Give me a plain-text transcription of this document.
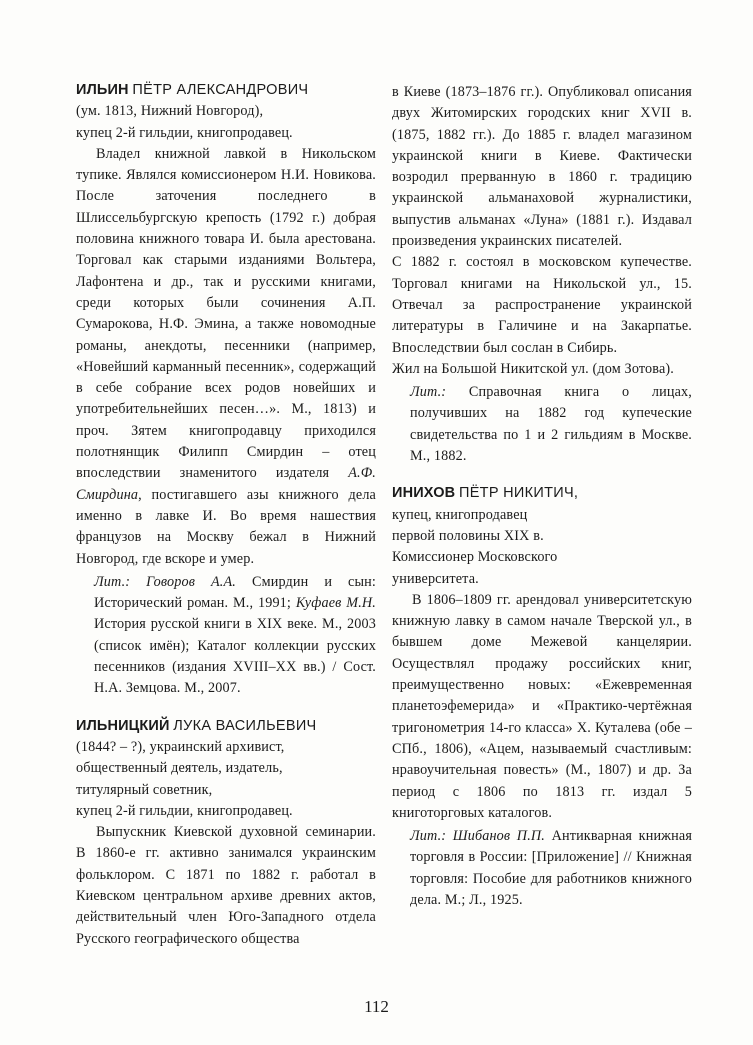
ИЛЬИН ПЁТР АЛЕКСАНДРОВИЧ

(ум. 1813, Нижний Новгород),

купец 2-й гильдии, книгопродавец.

Владел книжной лавкой в Никольском тупике. Являлся комиссионером Н.И. Новикова. После заточения последнего в Шлиссельбургскую крепость (1792 г.) добрая половина книжного товара И. была арестована. Торговал как старыми изданиями Вольтера, Лафонтена и др., так и русскими книгами, среди которых были сочинения А.П. Сумарокова, Н.Ф. Эмина, а также новомодные романы, анекдоты, песенники (например, «Новейший карманный песенник», содержащий в себе собрание всех родов новейших и употребительнейших песен…». М., 1813) и проч. Зятем книгопродавцу приходился полотнянщик Филипп Смирдин – отец впоследствии знаменитого издателя А.Ф. Смирдина, постигавшего азы книжного дела именно в лавке И. Во время нашествия французов на Москву бежал в Нижний Новгород, где вскоре и умер.

Лит.: Говоров А.А. Смирдин и сын: Исторический роман. М., 1991; Куфаев М.Н. История русской книги в XIX веке. М., 2003 (список имён); Каталог коллекции русских песенников (издания XVIII–XX вв.) / Сост. Н.А. Земцова. М., 2007.

ИЛЬНИЦКИЙ ЛУКА ВАСИЛЬЕВИЧ

(1844? – ?), украинский архивист,

общественный деятель, издатель,

титулярный советник,

купец 2-й гильдии, книгопродавец.

Выпускник Киевской духовной семинарии. В 1860-е гг. активно занимался украинским фольклором. С 1871 по 1882 г. работал в Киевском центральном архиве древних актов, действительный член Юго-Западного отдела Русского географического общества

в Киеве (1873–1876 гг.). Опубликовал описания двух Житомирских городских книг XVII в. (1875, 1882 гг.). До 1885 г. владел магазином украинской книги в Киеве. Фактически возродил прерванную в 1860 г. традицию украинской альманаховой журналистики, выпустив альманах «Луна» (1881 г.). Издавал произведения украинских писателей.

С 1882 г. состоял в московском купечестве. Торговал книгами на Никольской ул., 15. Отвечал за распространение украинской литературы в Галичине и на Закарпатье. Впоследствии был сослан в Сибирь.

Жил на Большой Никитской ул. (дом Зотова).

Лит.: Справочная книга о лицах, получивших на 1882 год купеческие свидетельства по 1 и 2 гильдиям в Москве. М., 1882.

ИНИХОВ ПЁТР НИКИТИЧ,

купец, книгопродавец

первой половины XIX в.

Комиссионер Московского

университета.

В 1806–1809 гг. арендовал университетскую книжную лавку в самом начале Тверской ул., в бывшем доме Межевой канцелярии. Осуществлял продажу российских книг, преимущественно новых: «Ежевременная планетоэфемерида» и «Практико-чертёжная тригонометрия 14-го класса» Х. Куталева (обе – СПб., 1806), «Ацем, называемый счастливым: нравоучительная повесть» (М., 1807) и др. За период с 1806 по 1813 гг. издал 5 книготорговых каталогов.

Лит.: Шибанов П.П. Антикварная книжная торговля в России: [Приложение] // Книжная торговля: Пособие для работников книжного дела. М.; Л., 1925.

112
